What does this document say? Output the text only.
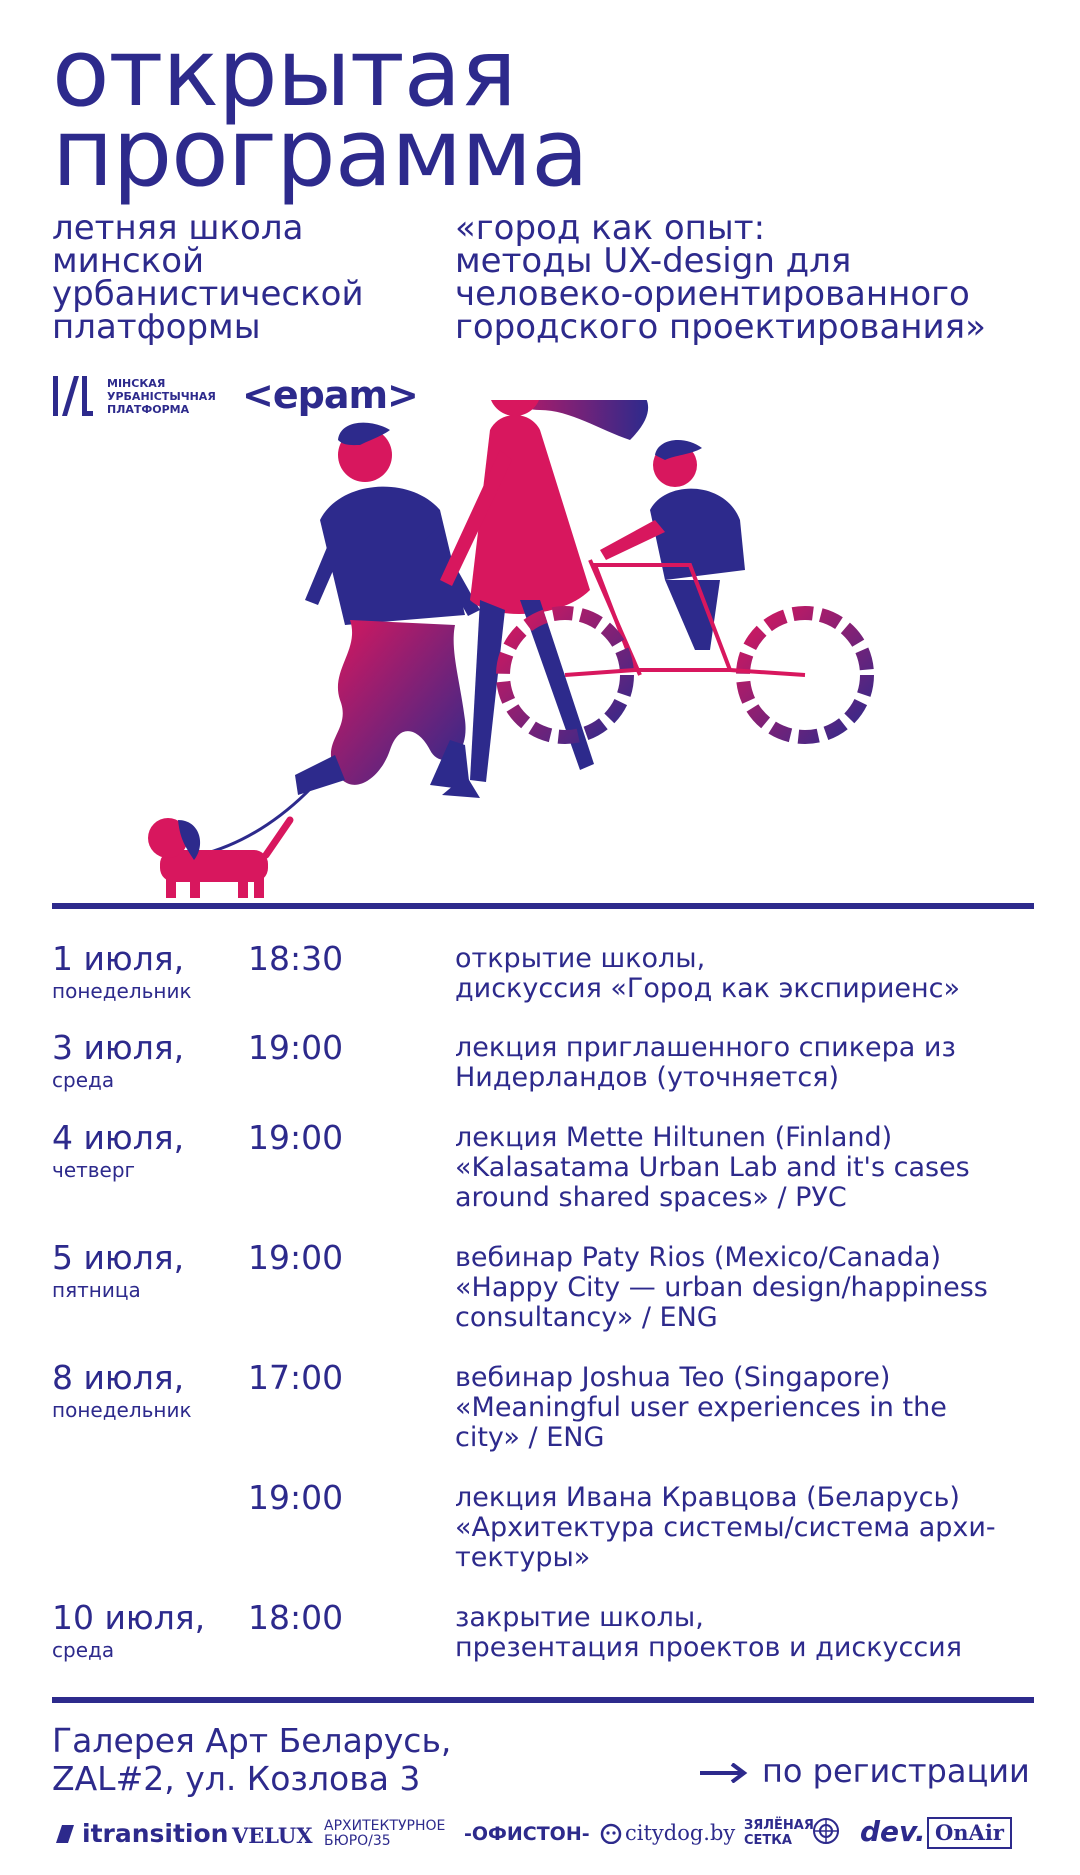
открытая
программа
летняя школа
минской
урбанистической
платформы
«город как опыт:
методы UX-design для
человеко-ориентированного
городского проектирования»
МІНСКАЯ
УРБАНІСТЫЧНАЯ
ПЛАТФОРМА	<epam>
1 июля,
понедельник
18:30	открытие школы,
дискуссия «Город как экспириенс»
3 июля,
среда
19:00	лекция приглашенного спикера из
Нидерландов (уточняется)
4 июля,
четверг
19:00	лекция Mette Hiltunen (Finland)
«Kalasatama Urban Lab and it's cases
around shared spaces» / РУС
5 июля,
пятница
19:00	вебинар Paty Rios (Mexico/Canada)
«Happy City — urban design/happiness
consultancy» / ENG
8 июля,
понедельник
17:00	вебинар Joshua Teo (Singapore)
«Meaningful user experiences in the
city» / ENG
19:00	лекция Ивана Кравцова (Беларусь)
«Архитектура системы/система архи-
тектуры»
10 июля,
среда
18:00	закрытие школы,
презентация проектов и дискуссия
Галерея Арт Беларусь,
ZAL#2, ул. Козлова 3	по регистрации
itransition VELUX АРХИТЕКТУРНОЕ
БЮРО/35	-ОФИСТОН-	citydog.by ЗЯЛЁНАЯ
СЕТКА	dev. OnAir
